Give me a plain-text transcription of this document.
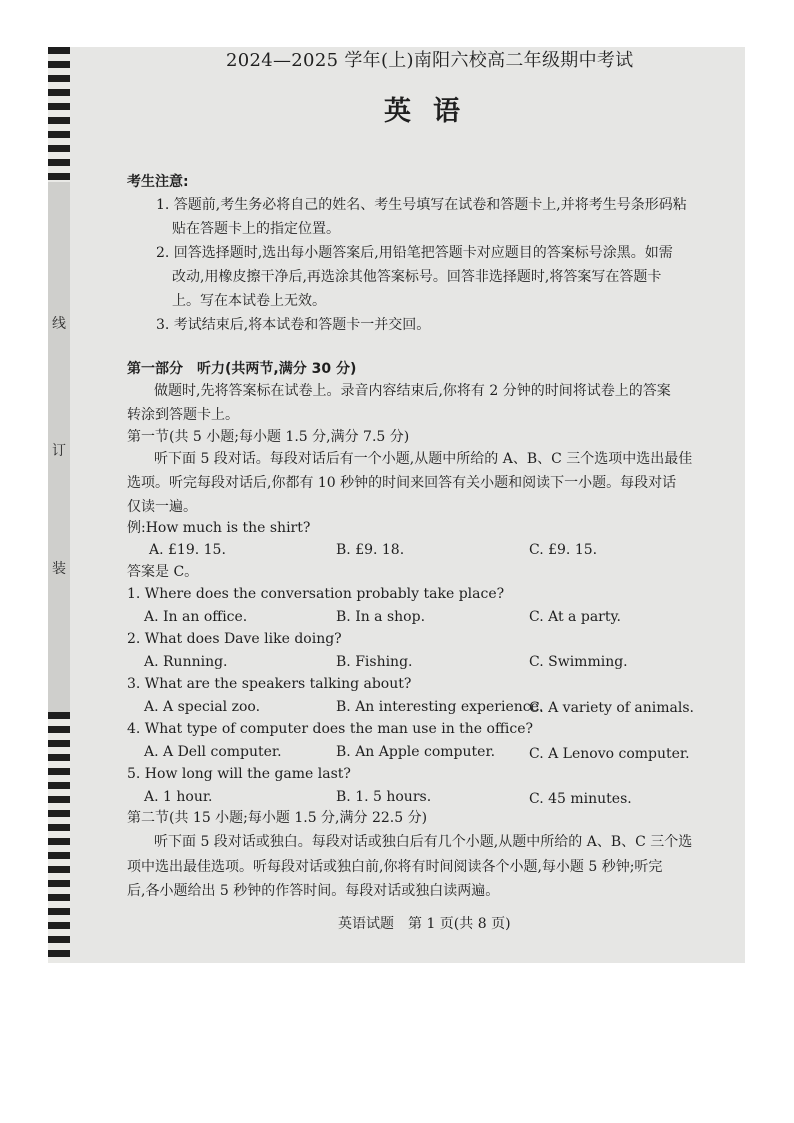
线
订
装
2024—2025 学年(上)南阳六校高二年级期中考试
英语
考生注意:
1. 答题前,考生务必将自己的姓名、考生号填写在试卷和答题卡上,并将考生号条形码粘
贴在答题卡上的指定位置。
2. 回答选择题时,选出每小题答案后,用铅笔把答题卡对应题目的答案标号涂黑。如需
改动,用橡皮擦干净后,再选涂其他答案标号。回答非选择题时,将答案写在答题卡
上。写在本试卷上无效。
3. 考试结束后,将本试卷和答题卡一并交回。
第一部分　听力(共两节,满分 30 分)
做题时,先将答案标在试卷上。录音内容结束后,你将有 2 分钟的时间将试卷上的答案
转涂到答题卡上。
第一节(共 5 小题;每小题 1.5 分,满分 7.5 分)
听下面 5 段对话。每段对话后有一个小题,从题中所给的 A、B、C 三个选项中选出最佳
选项。听完每段对话后,你都有 10 秒钟的时间来回答有关小题和阅读下一小题。每段对话
仅读一遍。
例:How much is the shirt?
A. £19. 15.	B. £9. 18.	C. £9. 15.
答案是 C。
1. Where does the conversation probably take place?
A. In an office.	B. In a shop.	C. At a party.
2. What does Dave like doing?
A. Running.	B. Fishing.	C. Swimming.
3. What are the speakers talking about?
A. A special zoo.	B. An interesting experience.
C. A variety of animals.
4. What type of computer does the man use in the office?
A. A Dell computer.	B. An Apple computer. C. A Lenovo computer.
5. How long will the game last?
A. 1 hour.	B. 1. 5 hours.	C. 45 minutes.
第二节(共 15 小题;每小题 1.5 分,满分 22.5 分)
听下面 5 段对话或独白。每段对话或独白后有几个小题,从题中所给的 A、B、C 三个选
项中选出最佳选项。听每段对话或独白前,你将有时间阅读各个小题,每小题 5 秒钟;听完
后,各小题给出 5 秒钟的作答时间。每段对话或独白读两遍。
英语试题　第 1 页(共 8 页)
